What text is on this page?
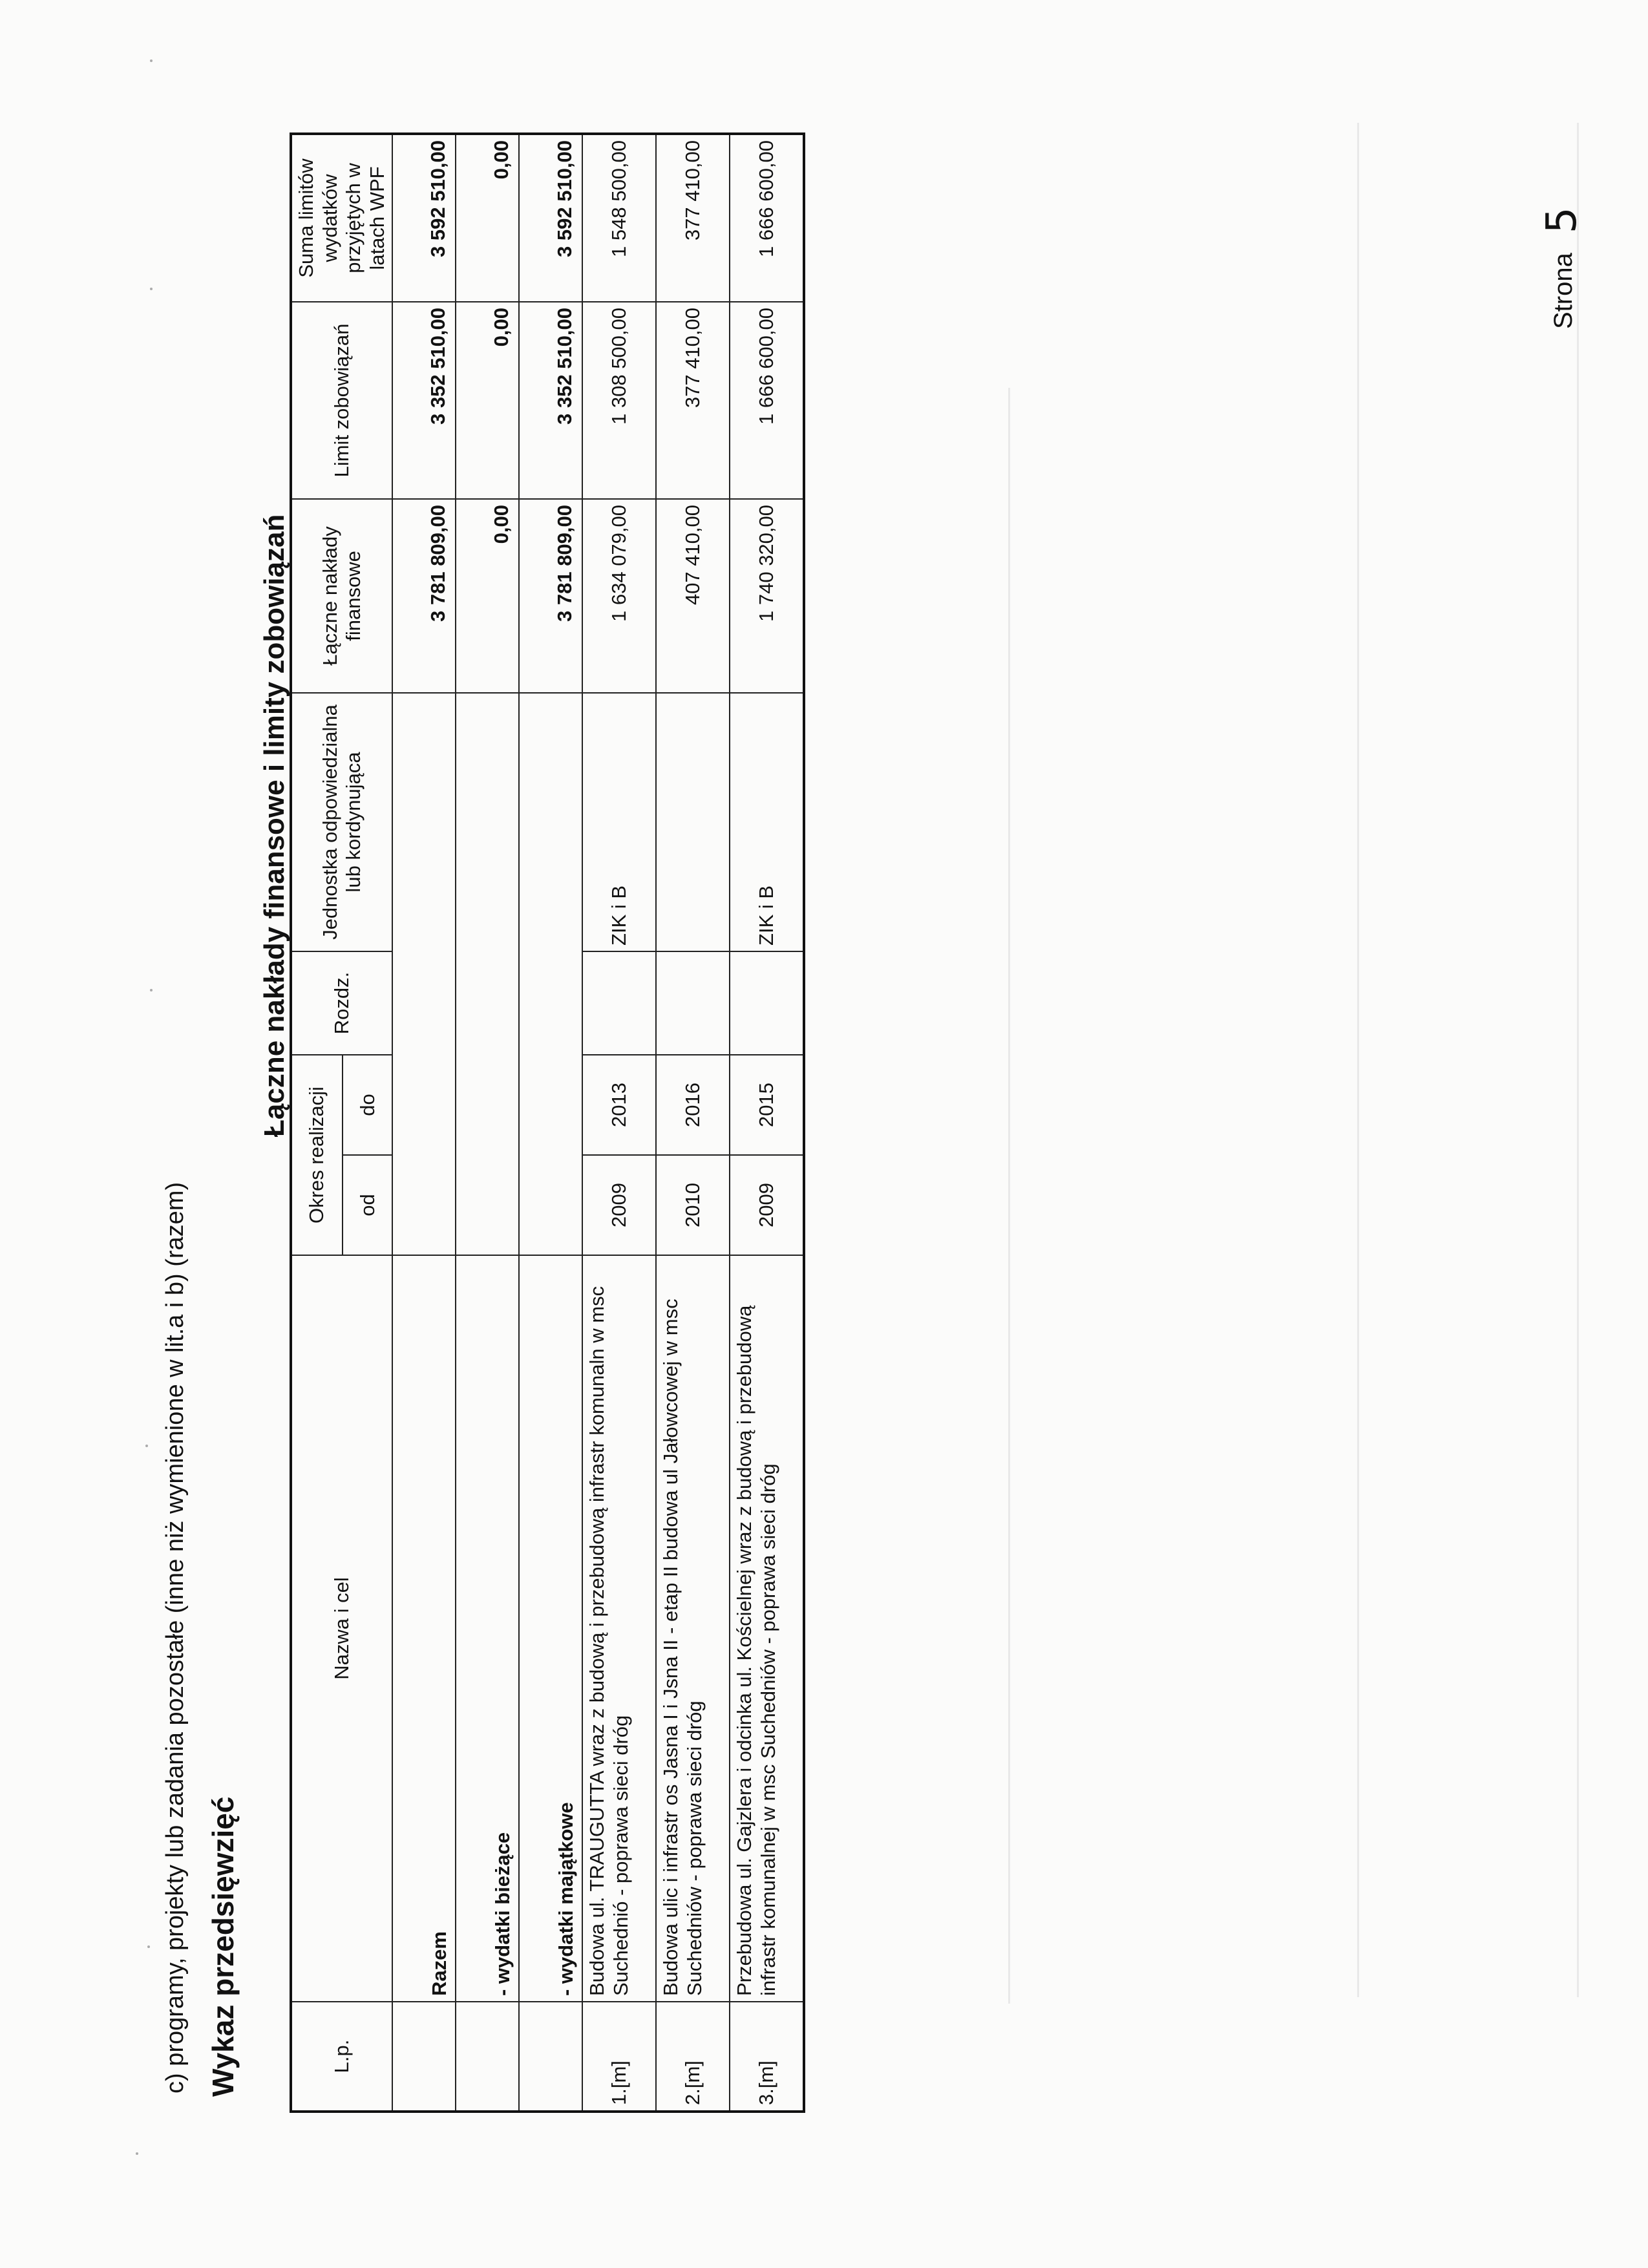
c) programy, projekty lub zadania pozostałe (inne niż wymienione w lit.a i b) (razem) Wykaz przedsięwzięć
Łączne nakłady finansowe i limity zobowiązań
L.p.	Nazwa i cel	Okres realizacji		Rozdz.	Jednostka odpowiedzialna lub kordynująca	Łączne nakłady finansowe	Limit zobowiązań	Suma limitów wydatków przyjętych w latach WPF
		od	do					
	Razem					3 781 809,00	3 352 510,00	3 592 510,00
	- wydatki bieżące					0,00	0,00	0,00
	- wydatki majątkowe					3 781 809,00	3 352 510,00	3 592 510,00
1.[m]	Budowa ul. TRAUGUTTA wraz z budową i przebudową infrastr komunaln w msc Suchednió - poprawa sieci dróg	2009	2013		ZIK i B	1 634 079,00	1 308 500,00	1 548 500,00
2.[m]	Budowa ulic i infrastr os Jasna I i Jsna II - etap II budowa ul Jałowcowej w msc Suchedniów - poprawa sieci dróg	2010	2016			407 410,00	377 410,00	377 410,00
3.[m]	Przebudowa ul. Gajzlera i odcinka ul. Kościelnej wraz z budową i przebudową infrastr komunalnej w msc Suchedniów - poprawa sieci dróg	2009	2015		ZIK i B	1 740 320,00	1 666 600,00	1 666 600,00
Strona5
